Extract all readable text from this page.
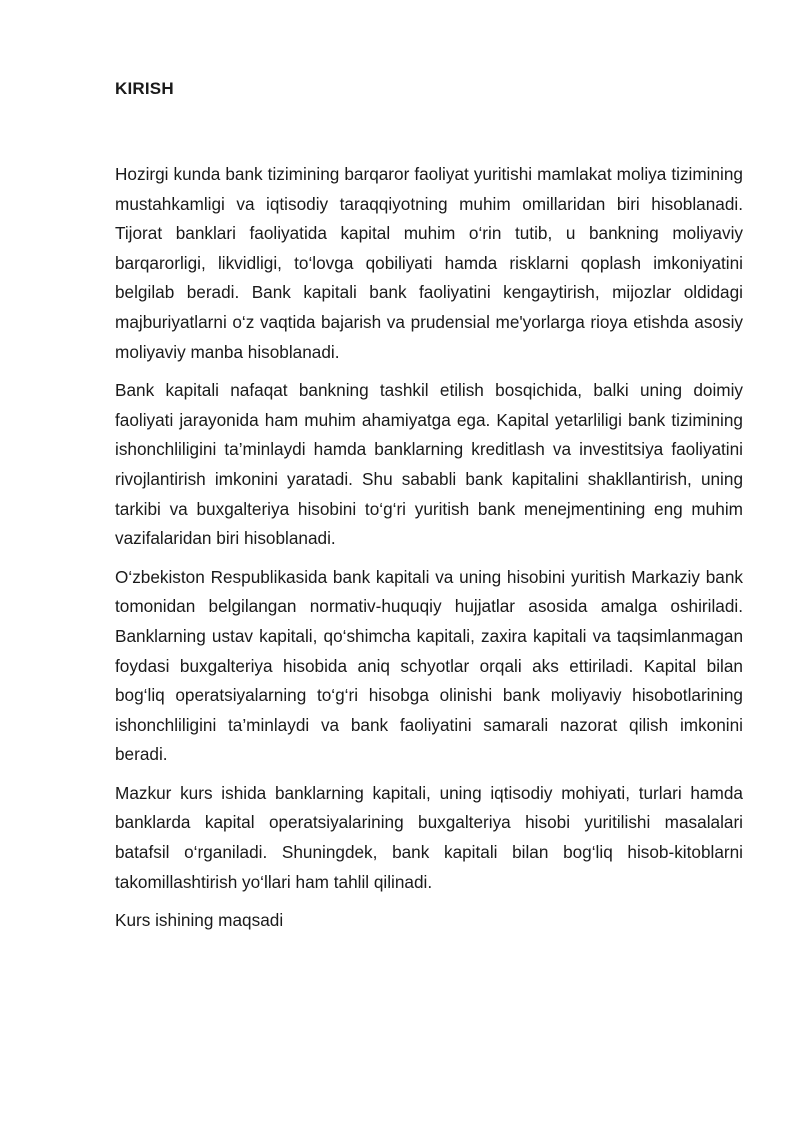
KIRISH

Hozirgi kunda bank tizimining barqaror faoliyat yuritishi mamlakat moliya tizimining mustahkamligi va iqtisodiy taraqqiyotning muhim omillaridan biri hisoblanadi. Tijorat banklari faoliyatida kapital muhim o‘rin tutib, u bankning moliyaviy barqarorligi, likvidligi, to‘lovga qobiliyati hamda risklarni qoplash imkoniyatini belgilab beradi. Bank kapitali bank faoliyatini kengaytirish, mijozlar oldidagi majburiyatlarni o‘z vaqtida bajarish va prudensial me'yorlarga rioya etishda asosiy moliyaviy manba hisoblanadi.

Bank kapitali nafaqat bankning tashkil etilish bosqichida, balki uning doimiy faoliyati jarayonida ham muhim ahamiyatga ega. Kapital yetarliligi bank tizimining ishonchliligini ta’minlaydi hamda banklarning kreditlash va investitsiya faoliyatini rivojlantirish imkonini yaratadi. Shu sababli bank kapitalini shakllantirish, uning tarkibi va buxgalteriya hisobini to‘g‘ri yuritish bank menejmentining eng muhim vazifalaridan biri hisoblanadi.

O‘zbekiston Respublikasida bank kapitali va uning hisobini yuritish Markaziy bank tomonidan belgilangan normativ-huquqiy hujjatlar asosida amalga oshiriladi. Banklarning ustav kapitali, qo‘shimcha kapitali, zaxira kapitali va taqsimlanmagan foydasi buxgalteriya hisobida aniq schyotlar orqali aks ettiriladi. Kapital bilan bog‘liq operatsiyalarning to‘g‘ri hisobga olinishi bank moliyaviy hisobotlarining ishonchliligini ta’minlaydi va bank faoliyatini samarali nazorat qilish imkonini beradi.

Mazkur kurs ishida banklarning kapitali, uning iqtisodiy mohiyati, turlari hamda banklarda kapital operatsiyalarining buxgalteriya hisobi yuritilishi masalalari batafsil o‘rganiladi. Shuningdek, bank kapitali bilan bog‘liq hisob-kitoblarni takomillashtirish yo‘llari ham tahlil qilinadi.

Kurs ishining maqsadi
